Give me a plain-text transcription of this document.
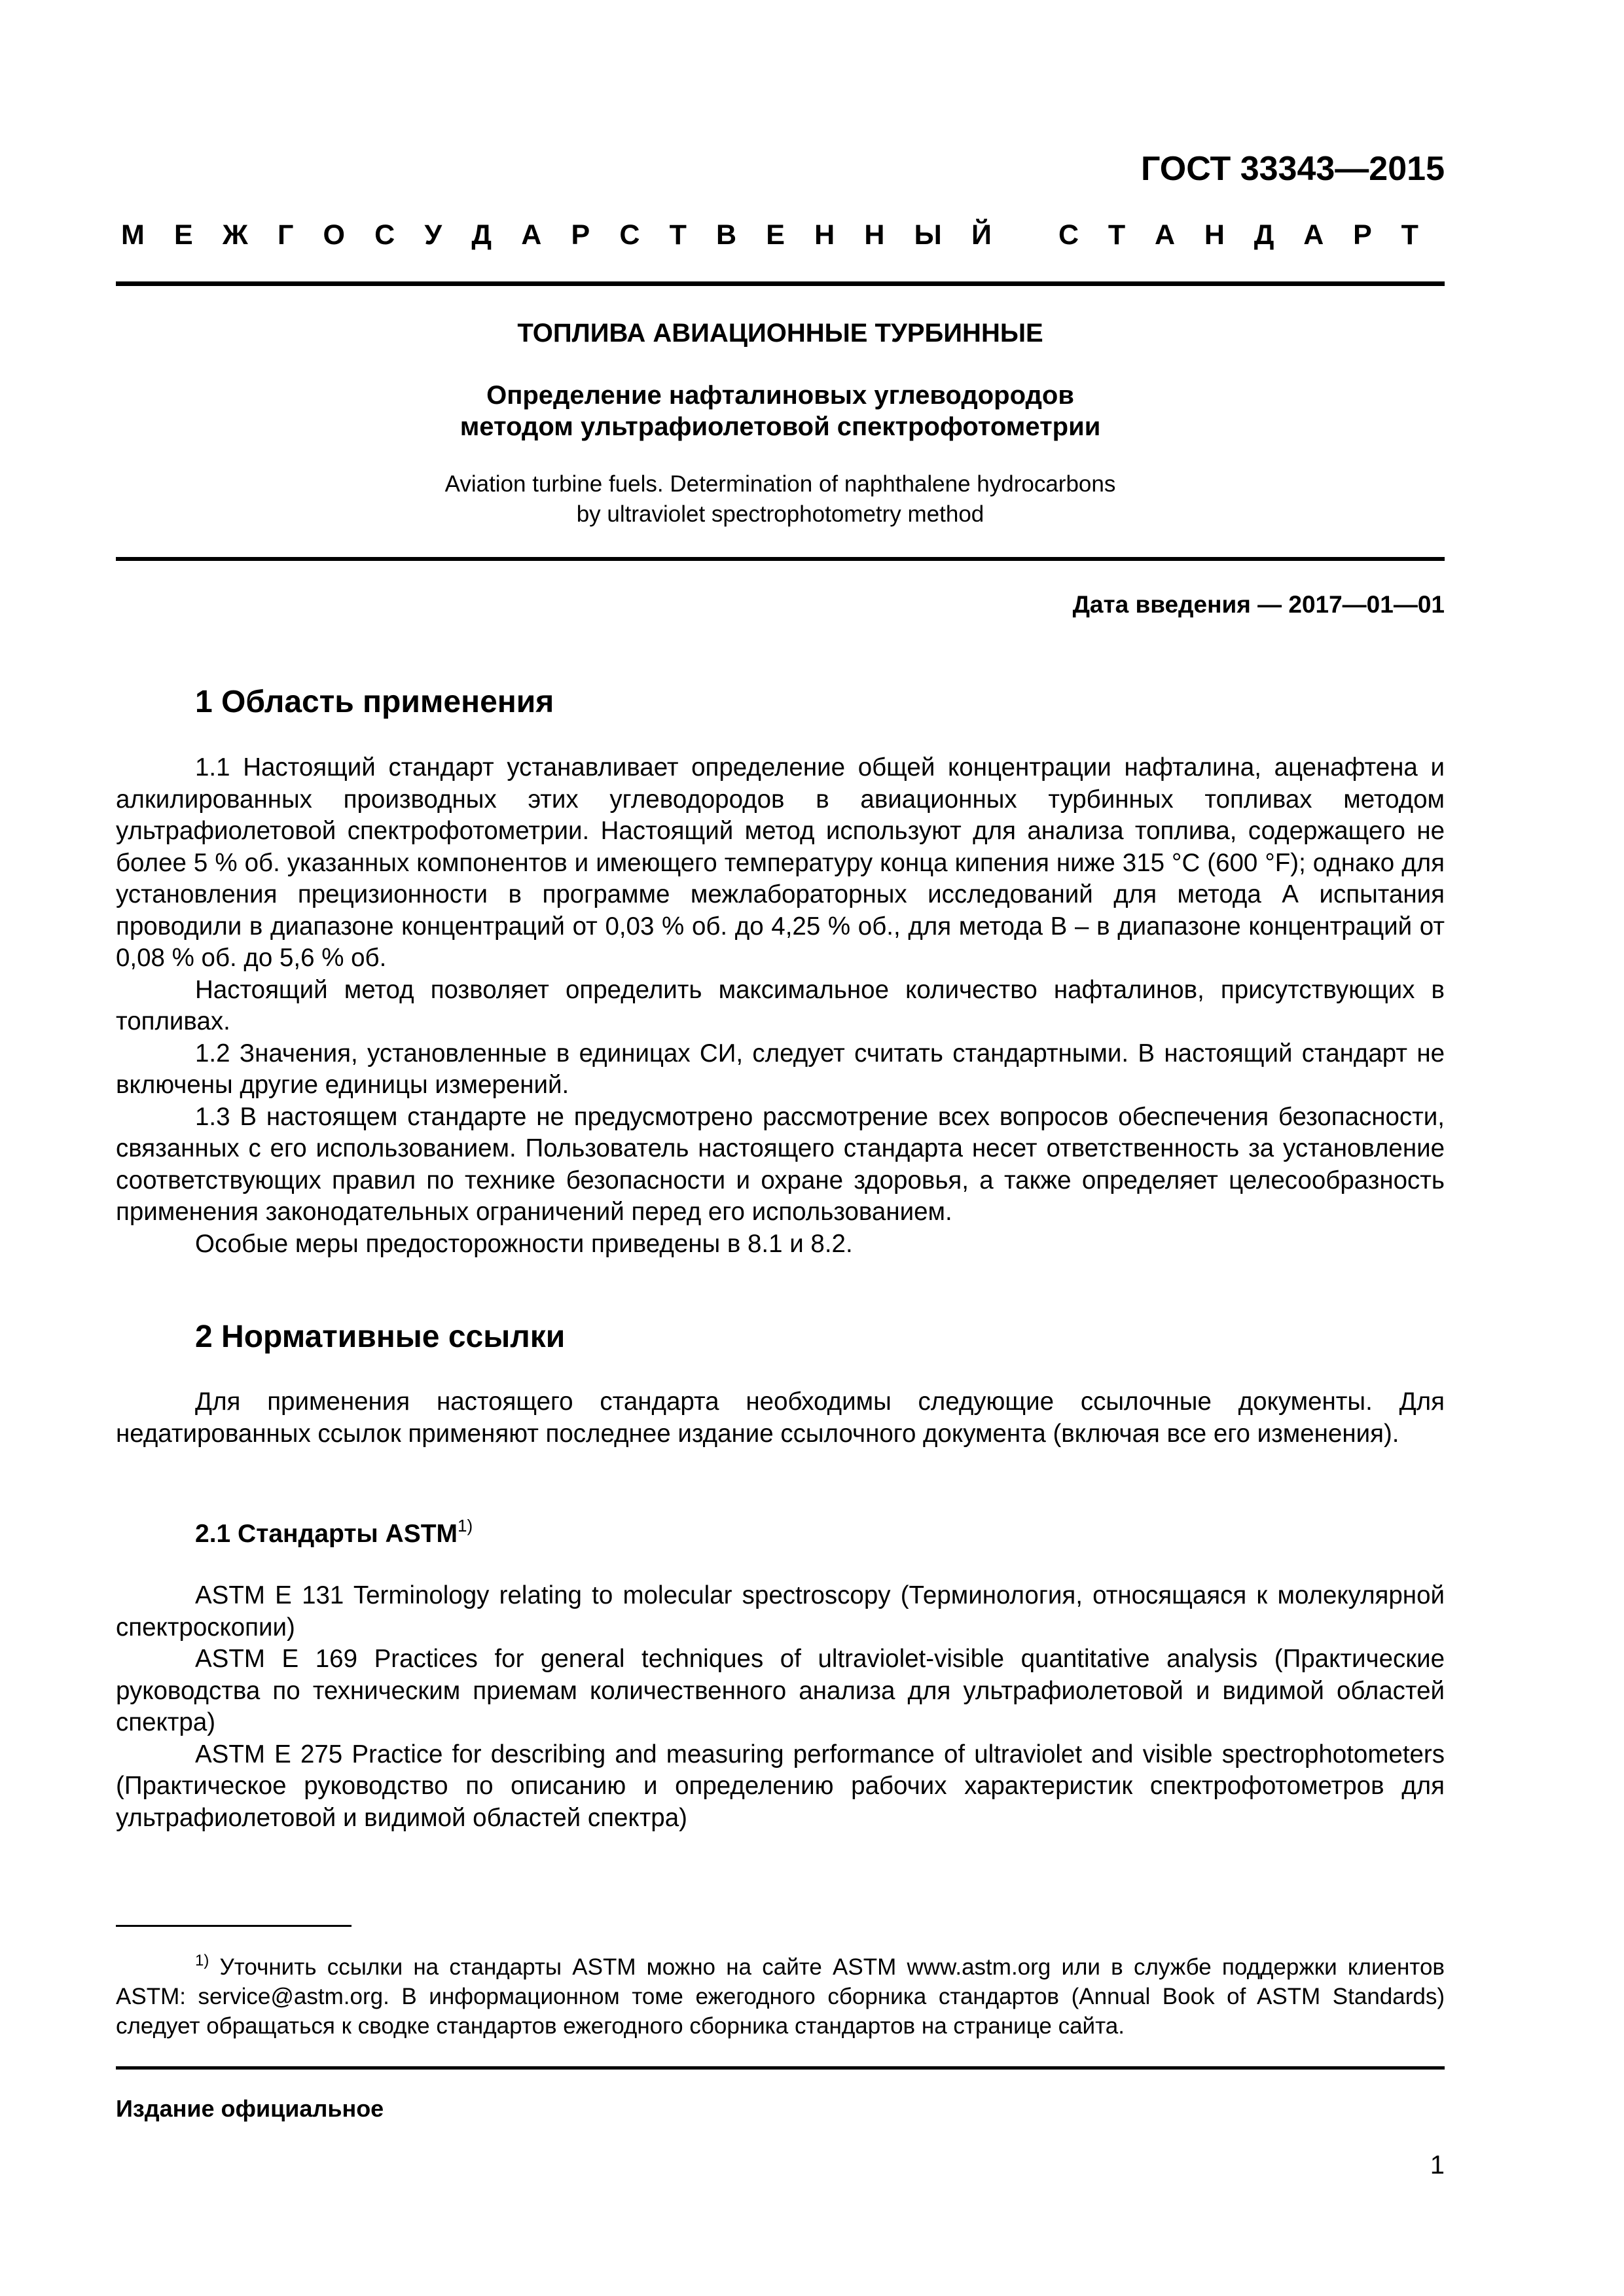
ГОСТ 33343—2015
М Е Ж Г О С У Д А Р С Т В Е Н Н Ы Й С Т А Н Д А Р Т
ТОПЛИВА АВИАЦИОННЫЕ ТУРБИННЫЕ
Определение нафталиновых углеводородов
методом ультрафиолетовой спектрофотометрии
Aviation turbine fuels. Determination of naphthalene hydrocarbons
by ultraviolet spectrophotometry method
Дата введения — 2017—01—01
1 Область применения

1.1 Настоящий стандарт устанавливает определение общей концентрации нафталина, аценафтена и алкилированных производных этих углеводородов в авиационных турбинных топливах методом ультрафиолетовой спектрофотометрии. Настоящий метод используют для анализа топлива, содержащего не более 5 % об. указанных компонентов и имеющего температуру конца кипения ниже 315 °С (600 °F); однако для установления прецизионности в программе межлабораторных исследований для метода А испытания проводили в диапазоне концентраций от 0,03 % об. до 4,25 % об., для метода В – в диапазоне концентраций от 0,08 % об. до 5,6 % об.

Настоящий метод позволяет определить максимальное количество нафталинов, присутствующих в топливах.

1.2 Значения, установленные в единицах СИ, следует считать стандартными. В настоящий стандарт не включены другие единицы измерений.

1.3 В настоящем стандарте не предусмотрено рассмотрение всех вопросов обеспечения безопасности, связанных с его использованием. Пользователь настоящего стандарта несет ответственность за установление соответствующих правил по технике безопасности и охране здоровья, а также определяет целесообразность применения законодательных ограничений перед его использованием.

Особые меры предосторожности приведены в 8.1 и 8.2.

2 Нормативные ссылки

Для применения настоящего стандарта необходимы следующие ссылочные документы. Для недатированных ссылок применяют последнее издание ссылочного документа (включая все его изменения).

2.1 Стандарты ASTM$^{1)}$

ASTM E 131 Terminology relating to molecular spectroscopy (Терминология, относящаяся к молекулярной спектроскопии)

ASTM E 169 Practices for general techniques of ultraviolet-visible quantitative analysis (Практические руководства по техническим приемам количественного анализа для ультрафиолетовой и видимой областей спектра)

ASTM E 275 Practice for describing and measuring performance of ultraviolet and visible spectrophotometers (Практическое руководство по описанию и определению рабочих характеристик спектрофотометров для ультрафиолетовой и видимой областей спектра)

$^{1)}$ Уточнить ссылки на стандарты ASTM можно на сайте ASTM www.astm.org или в службе поддержки клиентов ASTM: service@astm.org. В информационном томе ежегодного сборника стандартов (Annual Book of ASTM Standards) следует обращаться к сводке стандартов ежегодного сборника стандартов на странице сайта.

Издание официальное
1
